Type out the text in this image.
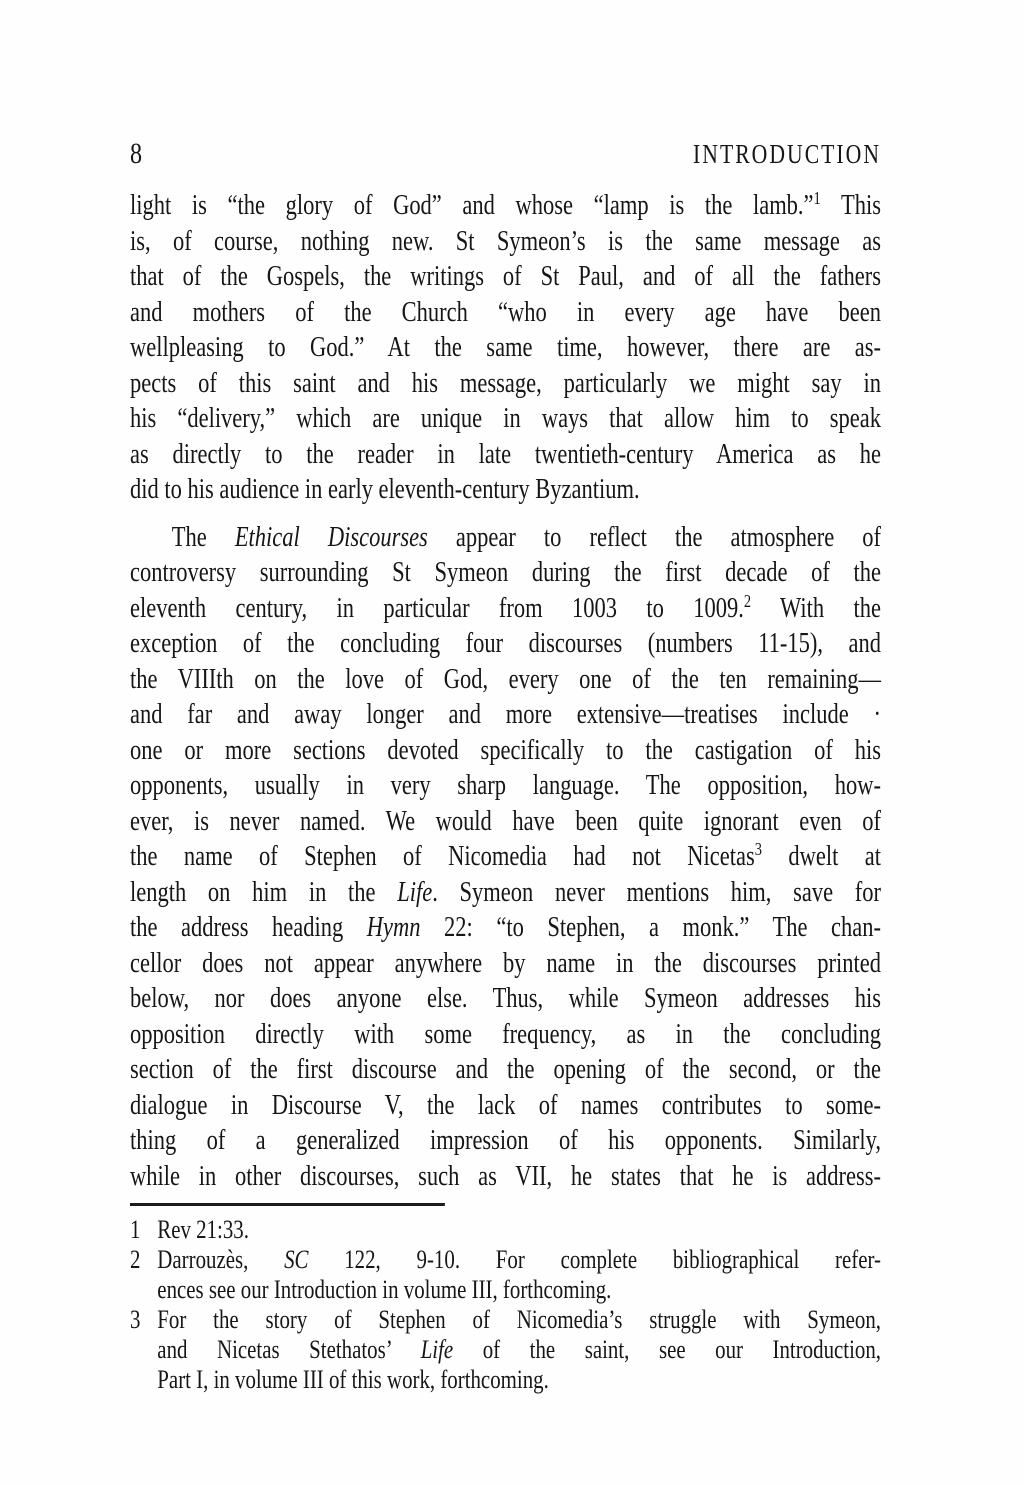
8	INTRODUCTION
light is “the glory of God” and whose “lamp is the lamb.”$^1$ This
is, of course, nothing new. St Symeon’s is the same message as
that of the Gospels, the writings of St Paul, and of all the fathers
and mothers of the Church “who in every age have been
wellpleasing to God.” At the same time, however, there are as-
pects of this saint and his message, particularly we might say in
his “delivery,” which are unique in ways that allow him to speak
as directly to the reader in late twentieth-century America as he
did to his audience in early eleventh-century Byzantium.
The Ethical Discourses appear to reflect the atmosphere of
controversy surrounding St Symeon during the first decade of the
eleventh century, in particular from 1003 to 1009.$^2$ With the
exception of the concluding four discourses (numbers 11-15), and
the VIIIth on the love of God, every one of the ten remaining—
and far and away longer and more extensive—treatises include ·
one or more sections devoted specifically to the castigation of his
opponents, usually in very sharp language. The opposition, how-
ever, is never named. We would have been quite ignorant even of
the name of Stephen of Nicomedia had not Nicetas$^3$ dwelt at
length on him in the Life. Symeon never mentions him, save for
the address heading Hymn 22: “to Stephen, a monk.” The chan-
cellor does not appear anywhere by name in the discourses printed
below, nor does anyone else. Thus, while Symeon addresses his
opposition directly with some frequency, as in the concluding
section of the first discourse and the opening of the second, or the
dialogue in Discourse V, the lack of names contributes to some-
thing of a generalized impression of his opponents. Similarly,
while in other discourses, such as VII, he states that he is address-
1 Rev 21:33.
2 Darrouzès, SC 122, 9-10. For complete bibliographical refer-
ences see our Introduction in volume III, forthcoming.
3 For the story of Stephen of Nicomedia’s struggle with Symeon,
and Nicetas Stethatos’ Life of the saint, see our Introduction,
Part I, in volume III of this work, forthcoming.
